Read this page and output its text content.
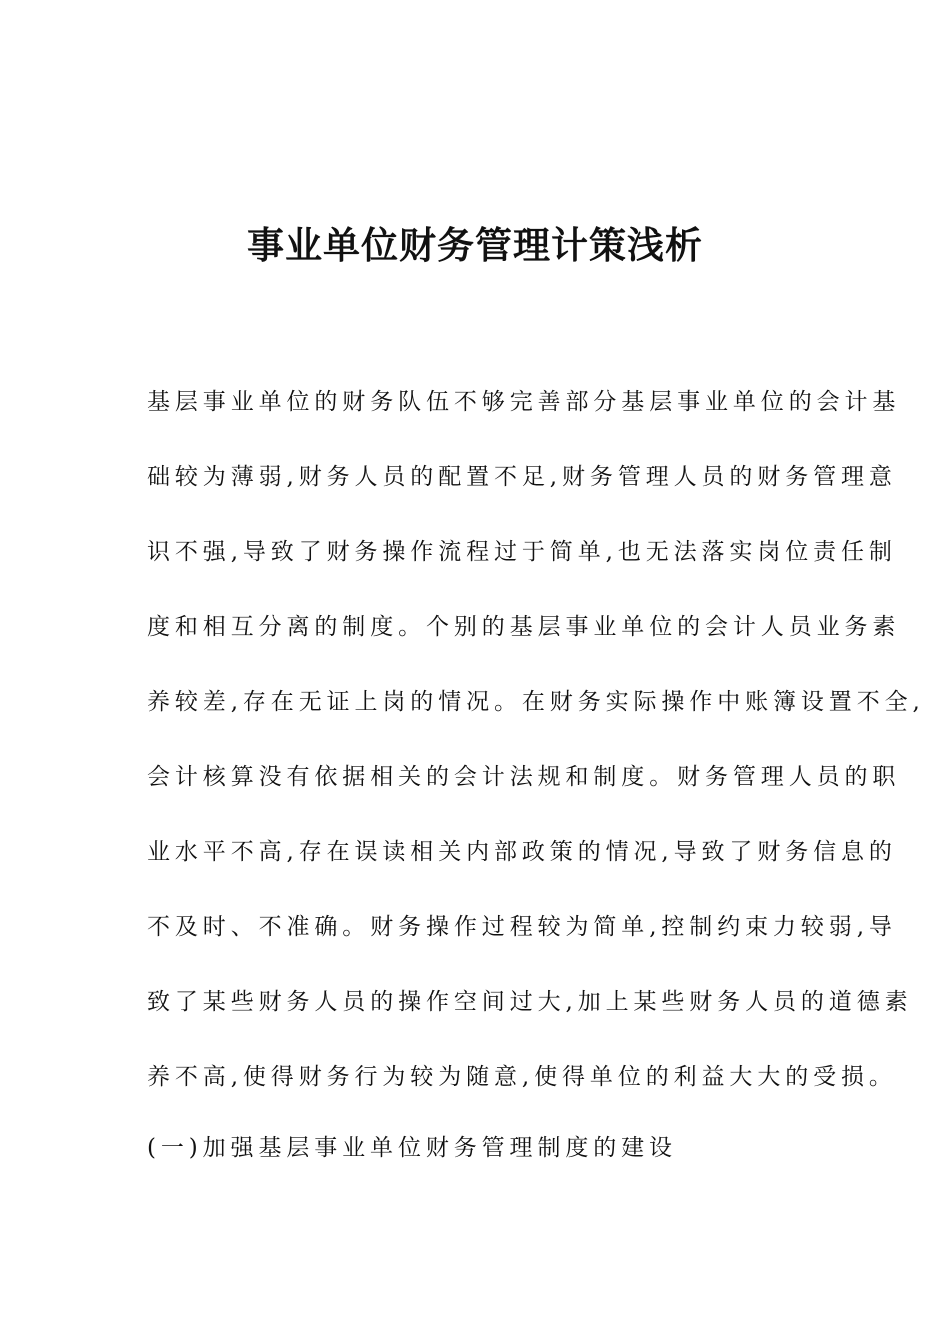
事业单位财务管理计策浅析
基层事业单位的财务队伍不够完善部分基层事业单位的会计基
础较为薄弱,财务人员的配置不足,财务管理人员的财务管理意
识不强,导致了财务操作流程过于简单,也无法落实岗位责任制
度和相互分离的制度。个别的基层事业单位的会计人员业务素
养较差,存在无证上岗的情况。在财务实际操作中账簿设置不全,
会计核算没有依据相关的会计法规和制度。财务管理人员的职
业水平不高,存在误读相关内部政策的情况,导致了财务信息的
不及时、不准确。财务操作过程较为简单,控制约束力较弱,导
致了某些财务人员的操作空间过大,加上某些财务人员的道德素
养不高,使得财务行为较为随意,使得单位的利益大大的受损。
(一)加强基层事业单位财务管理制度的建设
